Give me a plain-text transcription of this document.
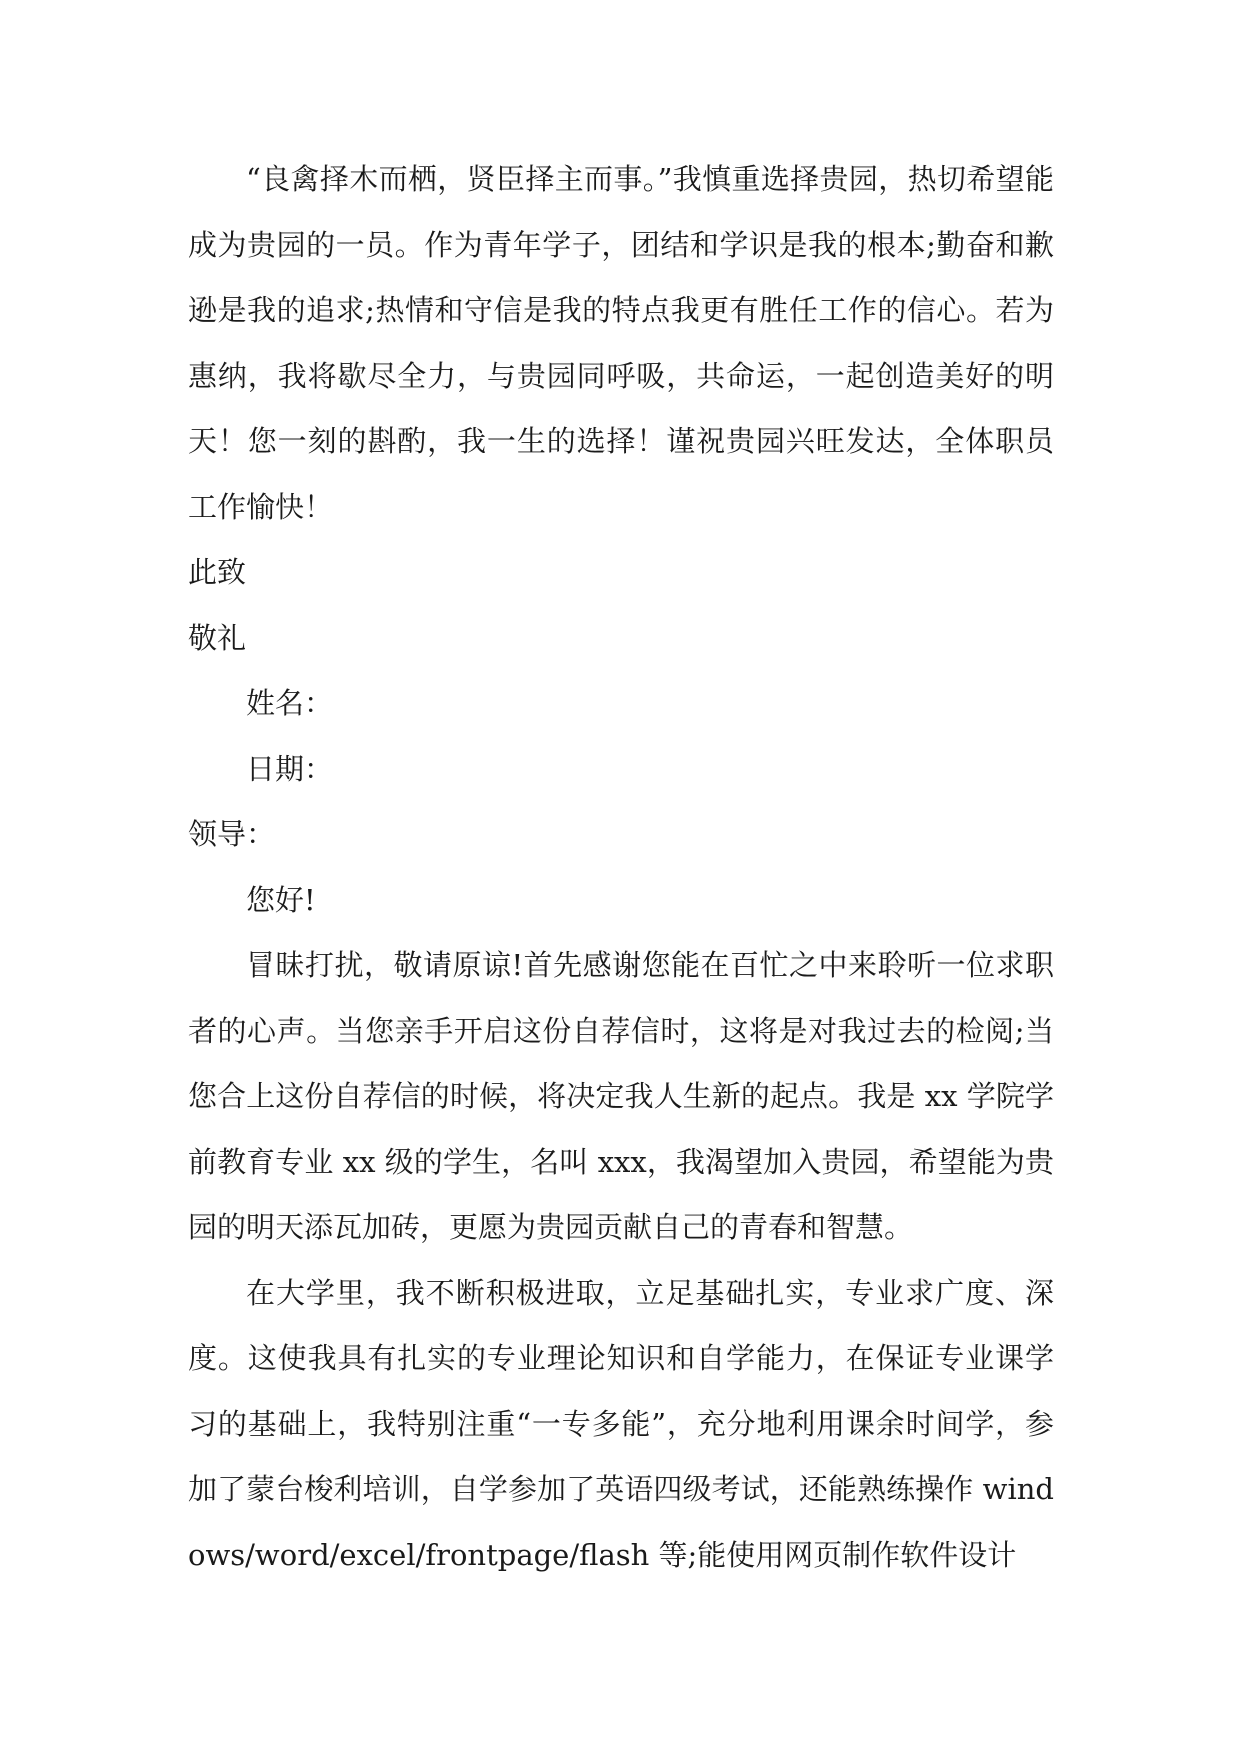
“良禽择木而栖，贤臣择主而事。”我慎重选择贵园，热切希望能成为贵园的一员。作为青年学子，团结和学识是我的根本;勤奋和歉逊是我的追求;热情和守信是我的特点我更有胜任工作的信心。若为惠纳，我将歇尽全力，与贵园同呼吸，共命运，一起创造美好的明天！您一刻的斟酌，我一生的选择！谨祝贵园兴旺发达，全体职员工作愉快！

此致

敬礼

姓名：

日期：

领导：

您好!

冒昧打扰，敬请原谅!首先感谢您能在百忙之中来聆听一位求职者的心声。当您亲手开启这份自荐信时，这将是对我过去的检阅;当您合上这份自荐信的时候，将决定我人生新的起点。我是 xx 学院学前教育专业 xx 级的学生，名叫 xxx，我渴望加入贵园，希望能为贵园的明天添瓦加砖，更愿为贵园贡献自己的青春和智慧。

在大学里，我不断积极进取，立足基础扎实，专业求广度、深度。这使我具有扎实的专业理论知识和自学能力，在保证专业课学习的基础上，我特别注重“一专多能”，充分地利用课余时间学，参加了蒙台梭利培训，自学参加了英语四级考试，还能熟练操作 windows/word/excel/frontpage/flash 等;能使用网页制作软件设计
